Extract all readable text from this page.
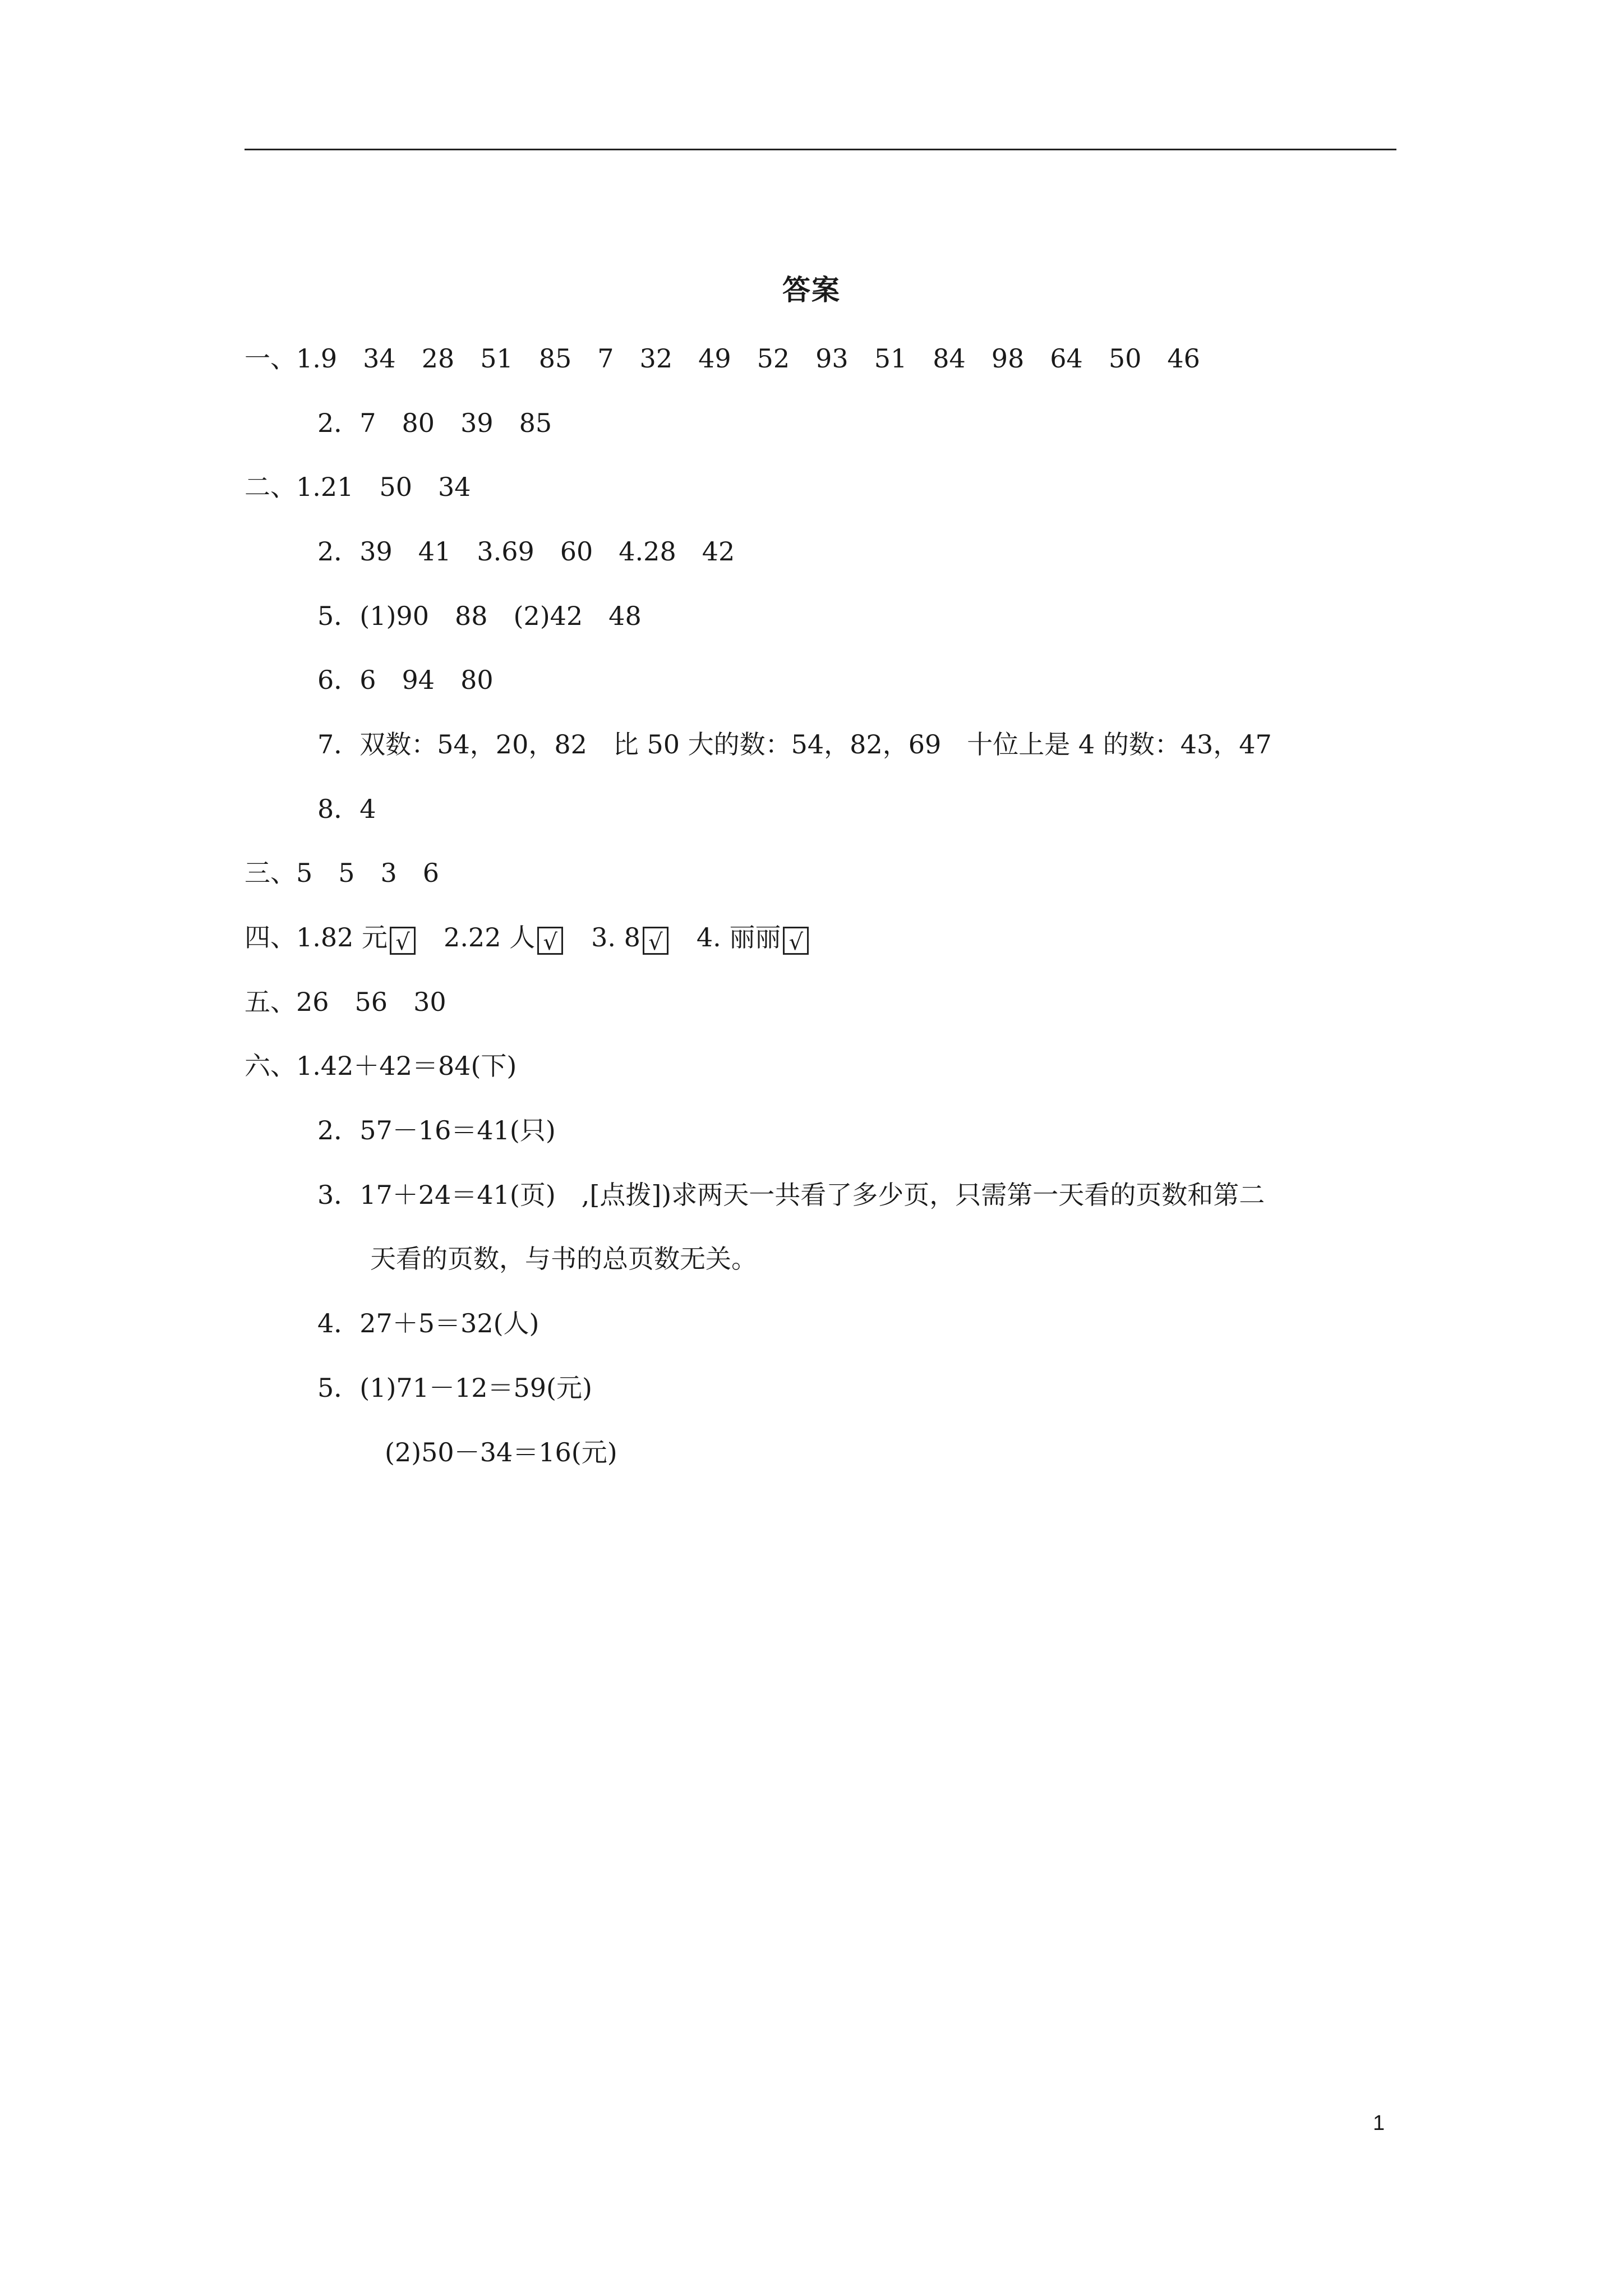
答案
一、1.9　34　28　51　85　7　32　49　52　93　51　84　98　64　50　46
2．7　80　39　85
二、1.21　50　34
2．39　41　3.69　60　4.28　42
5．(1)90　88　(2)42　48
6．6　94　80
7．双数：54，20，82　比 50 大的数：54，82，69　十位上是 4 的数：43，47
8．4
三、5　5　3　6
四、1.82 元 √　2.22 人 √　3. 8 √　4. 丽丽 √
五、26　56　30
六、1.42＋42＝84(下)
2．57－16＝41(只)
3．17＋24＝41(页)　,[点拨])求两天一共看了多少页，只需第一天看的页数和第二
天看的页数，与书的总页数无关。
4．27＋5＝32(人)
5．(1)71－12＝59(元)
(2)50－34＝16(元)
1
